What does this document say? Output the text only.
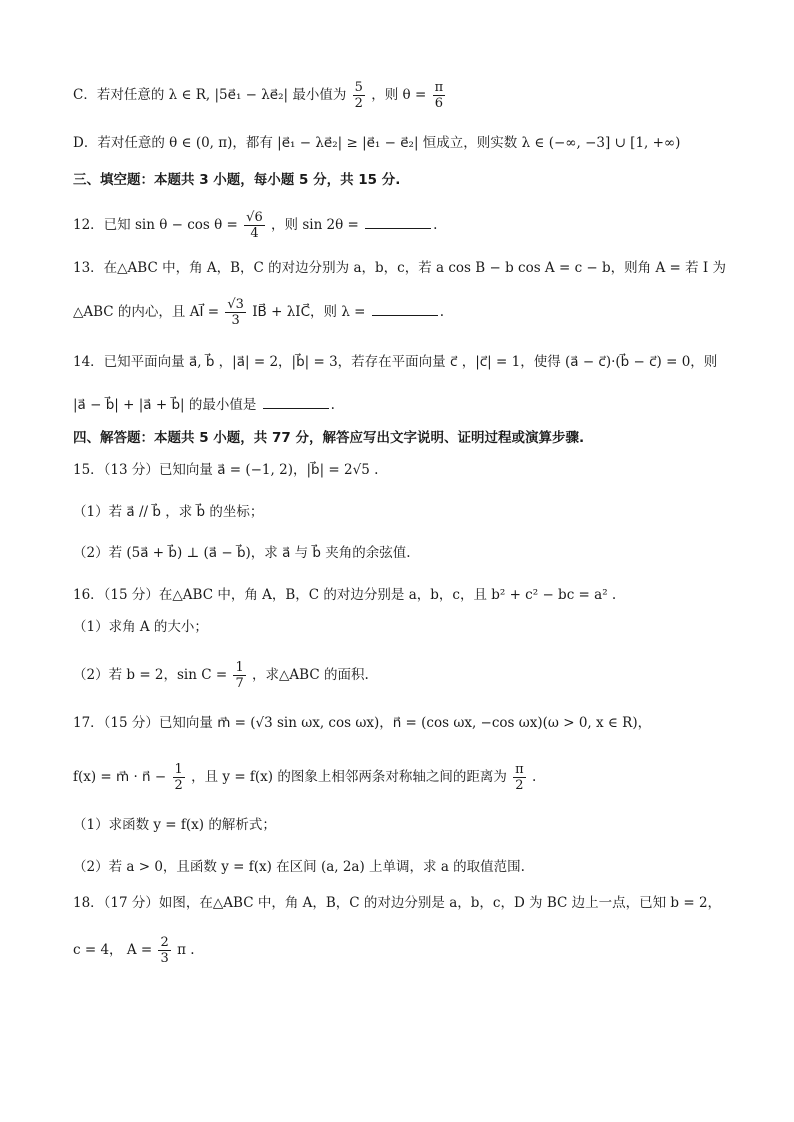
C．若对任意的 λ ∈ R, |5e⃗₁ − λe⃗₂| 最小值为 $\frac{5}{2}$ ，则 $\theta = \frac{\pi}{6}$
D．若对任意的 θ ∈ (0, π)，都有 |e⃗₁ − λe⃗₂| ≥ |e⃗₁ − e⃗₂| 恒成立，则实数 λ ∈ (−∞, −3] ∪ [1, +∞)
三、填空题：本题共 3 小题，每小题 5 分，共 15 分.
12．已知 $\sin \theta - \cos \theta = \frac{√6}{4}$ ，则 sin 2θ =	.
13．在△ABC 中，角 A，B，C 的对边分别为 a，b，c，若 a cos B − b cos A = c − b，则角 A = 若 I 为
△ABC 的内心，且 AI⃗ = $\frac{√3}{3}$ IB⃗ + λIC⃗，则 λ =	.
14．已知平面向量 a⃗, b⃗ ，|a⃗| = 2，|b⃗| = 3，若存在平面向量 c⃗ ，|c⃗| = 1，使得 (a⃗ − c⃗)·(b⃗ − c⃗) = 0，则
|a⃗ − b⃗| + |a⃗ + b⃗| 的最小值是	.
四、解答题：本题共 5 小题，共 77 分，解答应写出文字说明、证明过程或演算步骤.
15．（13 分）已知向量 a⃗ = (−1, 2)，|b⃗| = 2√5 .
（1）若 a⃗ // b⃗ ，求 b⃗ 的坐标；
（2）若 (5a⃗ + b⃗) ⊥ (a⃗ − b⃗)，求 a⃗ 与 b⃗ 夹角的余弦值.
16．（15 分）在△ABC 中，角 A，B，C 的对边分别是 a，b，c，且 b² + c² − bc = a² .
（1）求角 A 的大小；
（2）若 b = 2，$\sin C = \frac{1}{7}$ ，求△ABC 的面积.
17．（15 分）已知向量 m⃗ = (√3 sin ωx, cos ωx)，n⃗ = (cos ωx, −cos ωx)(ω > 0, x ∈ R)，
f(x) = m⃗ · n⃗ − $\frac{1}{2}$ ，且 y = f(x) 的图象上相邻两条对称轴之间的距离为 $\frac{\pi}{2}$ .
（1）求函数 y = f(x) 的解析式；
（2）若 a > 0，且函数 y = f(x) 在区间 (a, 2a) 上单调，求 a 的取值范围.
18．（17 分）如图，在△ABC 中，角 A，B，C 的对边分别是 a，b，c，D 为 BC 边上一点，已知 b = 2，
c = 4， $A = \frac{2}{3}$ π .
